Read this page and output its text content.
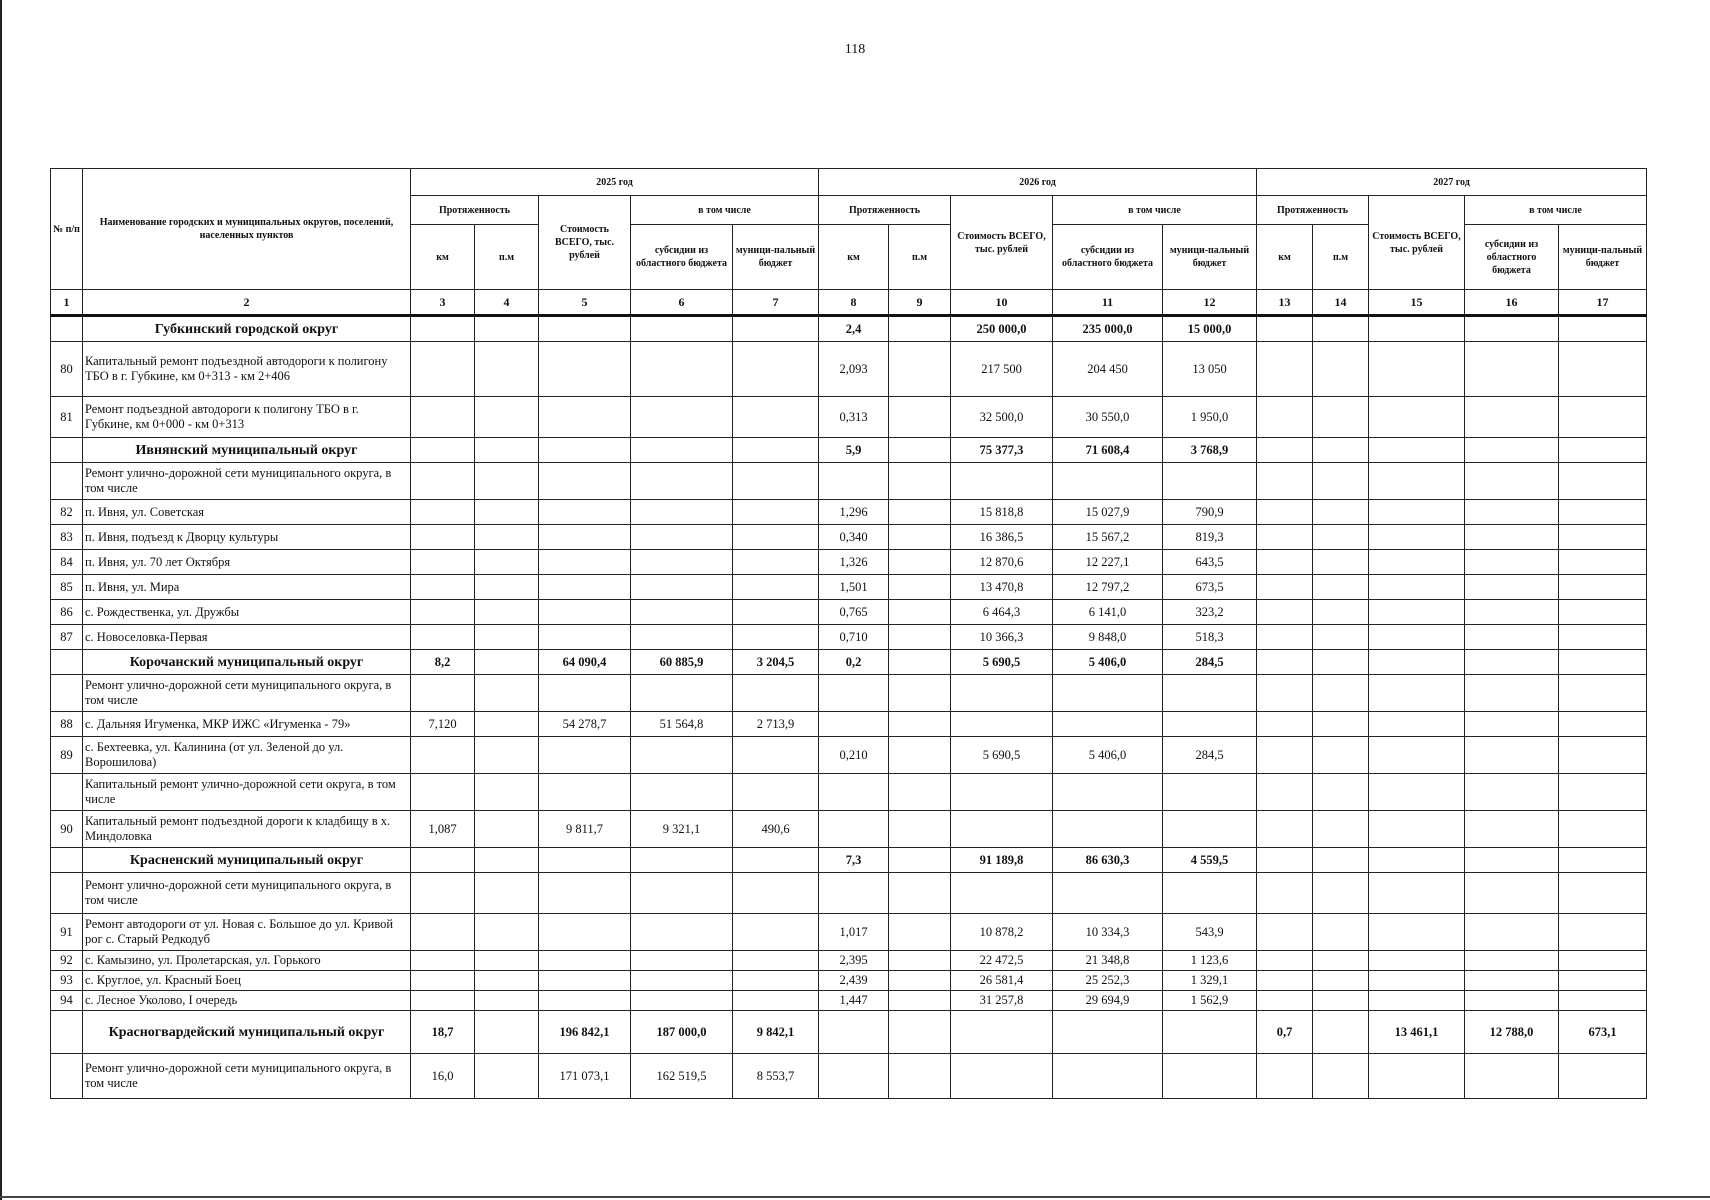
118
№ п/п	Наименование городских и муниципальных округов, поселений, населенных пунктов	2025 год					2026 год					2027 год				
		Протяженность		Стоимость ВСЕГО, тыс. рублей	в том числе		Протяженность		Стоимость ВСЕГО, тыс. рублей	в том числе		Протяженность		Стоимость ВСЕГО, тыс. рублей	в том числе	
		км	п.м		субсидии из областного бюджета	муници-пальный бюджет	км	п.м		субсидии из областного бюджета	муници-пальный бюджет	км	п.м		субсидии из областного бюджета	муници-пальный бюджет
1	2	3	4	5	6	7	8	9	10	11	12	13	14	15	16	17
	Губкинский городской округ						2,4		250 000,0	235 000,0	15 000,0					
80	Капитальный ремонт подъездной автодороги к полигону ТБО в г. Губкине, км 0+313 - км 2+406						2,093		217 500	204 450	13 050					
81	Ремонт подъездной автодороги к полигону ТБО в г. Губкине, км 0+000 - км 0+313						0,313		32 500,0	30 550,0	1 950,0					
	Ивнянский муниципальный округ						5,9		75 377,3	71 608,4	3 768,9					
	Ремонт улично-дорожной сети муниципального округа, в том числе															
82	п. Ивня, ул. Советская						1,296		15 818,8	15 027,9	790,9					
83	п. Ивня, подъезд к Дворцу культуры						0,340		16 386,5	15 567,2	819,3					
84	п. Ивня, ул. 70 лет Октября						1,326		12 870,6	12 227,1	643,5					
85	п. Ивня, ул. Мира						1,501		13 470,8	12 797,2	673,5					
86	с. Рождественка, ул. Дружбы						0,765		6 464,3	6 141,0	323,2					
87	с. Новоселовка-Первая						0,710		10 366,3	9 848,0	518,3					
	Корочанский муниципальный округ	8,2		64 090,4	60 885,9	3 204,5	0,2		5 690,5	5 406,0	284,5					
	Ремонт улично-дорожной сети муниципального округа, в том числе															
88	с. Дальняя Игуменка, МКР ИЖС «Игуменка - 79»	7,120		54 278,7	51 564,8	2 713,9										
89	с. Бехтеевка, ул. Калинина (от ул. Зеленой до ул. Ворошилова)						0,210		5 690,5	5 406,0	284,5					
	Капитальный ремонт улично-дорожной сети округа, в том числе															
90	Капитальный ремонт подъездной дороги к кладбищу в х. Миндоловка	1,087		9 811,7	9 321,1	490,6										
	Красненский муниципальный округ						7,3		91 189,8	86 630,3	4 559,5					
	Ремонт улично-дорожной сети муниципального округа, в том числе															
91	Ремонт автодороги от ул. Новая с. Большое до ул. Кривой рог с. Старый Редкодуб						1,017		10 878,2	10 334,3	543,9					
92	с. Камызино, ул. Пролетарская, ул. Горького						2,395		22 472,5	21 348,8	1 123,6					
93	с. Круглое, ул. Красный Боец						2,439		26 581,4	25 252,3	1 329,1					
94	с. Лесное Уколово, I очередь						1,447		31 257,8	29 694,9	1 562,9					
	Красногвардейский муниципальный округ	18,7		196 842,1	187 000,0	9 842,1						0,7		13 461,1	12 788,0	673,1
	Ремонт улично-дорожной сети муниципального округа, в том числе	16,0		171 073,1	162 519,5	8 553,7										
